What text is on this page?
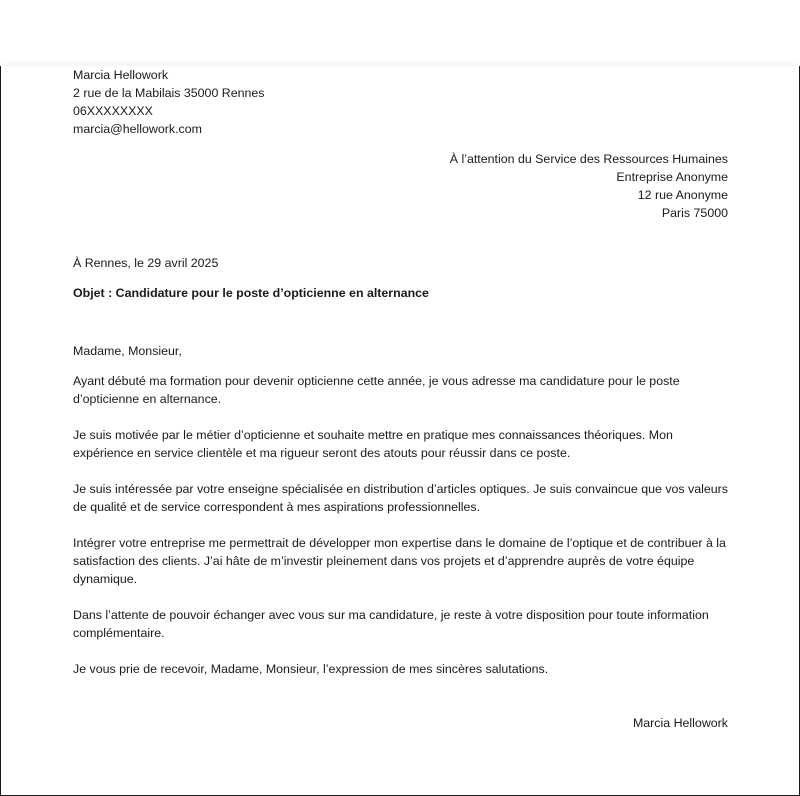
Marcia Hellowork
2 rue de la Mabilais 35000 Rennes
06XXXXXXXX
marcia@hellowork.com
À l’attention du Service des Ressources Humaines
Entreprise Anonyme
12 rue Anonyme
Paris 75000
À Rennes, le 29 avril 2025
Objet : Candidature pour le poste d’opticienne en alternance
Madame, Monsieur,
Ayant débuté ma formation pour devenir opticienne cette année, je vous adresse ma candidature pour le poste d’opticienne en alternance.
Je suis motivée par le métier d’opticienne et souhaite mettre en pratique mes connaissances théoriques. Mon expérience en service clientèle et ma rigueur seront des atouts pour réussir dans ce poste.
Je suis intéressée par votre enseigne spécialisée en distribution d’articles optiques. Je suis convaincue que vos valeurs de qualité et de service correspondent à mes aspirations professionnelles.
Intégrer votre entreprise me permettrait de développer mon expertise dans le domaine de l’optique et de contribuer à la satisfaction des clients. J’ai hâte de m’investir pleinement dans vos projets et d’apprendre auprès de votre équipe dynamique.
Dans l’attente de pouvoir échanger avec vous sur ma candidature, je reste à votre disposition pour toute information complémentaire.
Je vous prie de recevoir, Madame, Monsieur, l’expression de mes sincères salutations.
Marcia Hellowork
